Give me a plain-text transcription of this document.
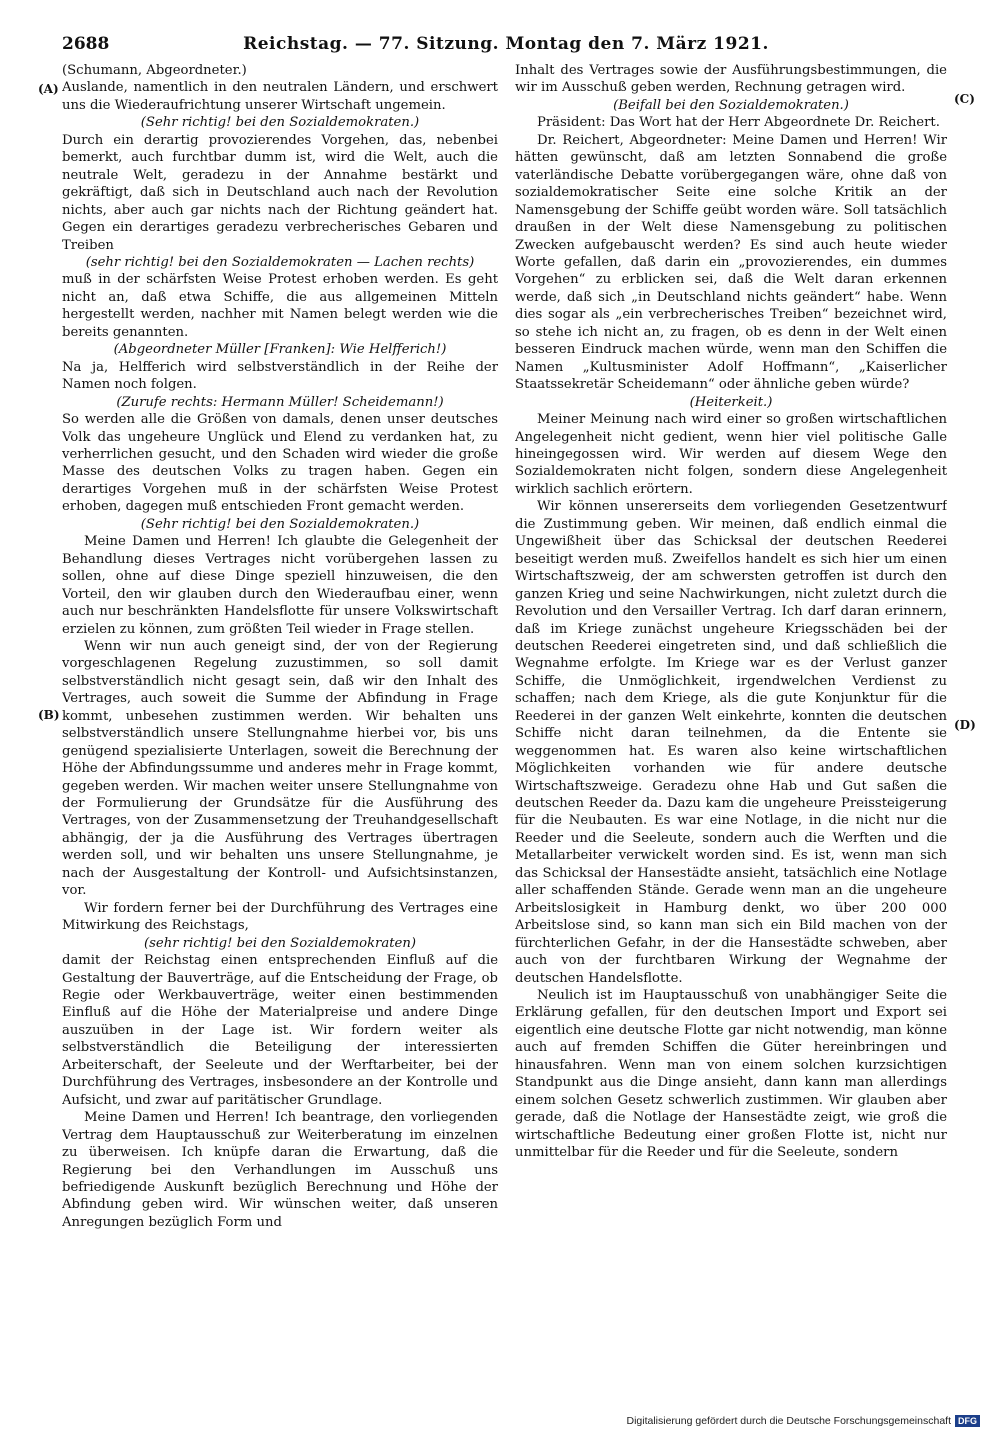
2688	Reichstag. — 77. Sitzung. Montag den 7. März 1921.
(A)
(B)
(C)
(D)

(Schumann, Abgeordneter.)

Auslande, namentlich in den neutralen Ländern, und erschwert uns die Wiederaufrichtung unserer Wirtschaft ungemein.

(Sehr richtig! bei den Sozialdemokraten.)

Durch ein derartig provozierendes Vorgehen, das, nebenbei bemerkt, auch furchtbar dumm ist, wird die Welt, auch die neutrale Welt, geradezu in der Annahme bestärkt und gekräftigt, daß sich in Deutschland auch nach der Revolution nichts, aber auch gar nichts nach der Richtung geändert hat. Gegen ein derartiges geradezu verbrecherisches Gebaren und Treiben

(sehr richtig! bei den Sozialdemokraten — Lachen rechts)

muß in der schärfsten Weise Protest erhoben werden. Es geht nicht an, daß etwa Schiffe, die aus allgemeinen Mitteln hergestellt werden, nachher mit Namen belegt werden wie die bereits genannten.

(Abgeordneter Müller [Franken]: Wie Helfferich!)

Na ja, Helfferich wird selbstverständlich in der Reihe der Namen noch folgen.

(Zurufe rechts: Hermann Müller! Scheidemann!)

So werden alle die Größen von damals, denen unser deutsches Volk das ungeheure Unglück und Elend zu verdanken hat, zu verherrlichen gesucht, und den Schaden wird wieder die große Masse des deutschen Volks zu tragen haben. Gegen ein derartiges Vorgehen muß in der schärfsten Weise Protest erhoben, dagegen muß entschieden Front gemacht werden.

(Sehr richtig! bei den Sozialdemokraten.)

Meine Damen und Herren! Ich glaubte die Gelegenheit der Behandlung dieses Vertrages nicht vorübergehen lassen zu sollen, ohne auf diese Dinge speziell hinzuweisen, die den Vorteil, den wir glauben durch den Wiederaufbau einer, wenn auch nur beschränkten Handelsflotte für unsere Volkswirtschaft erzielen zu können, zum größten Teil wieder in Frage stellen.

Wenn wir nun auch geneigt sind, der von der Regierung vorgeschlagenen Regelung zuzustimmen, so soll damit selbstverständlich nicht gesagt sein, daß wir den Inhalt des Vertrages, auch soweit die Summe der Abfindung in Frage kommt, unbesehen zustimmen werden. Wir behalten uns selbstverständlich unsere Stellungnahme hierbei vor, bis uns genügend spezialisierte Unterlagen, soweit die Berechnung der Höhe der Abfindungssumme und anderes mehr in Frage kommt, gegeben werden. Wir machen weiter unsere Stellungnahme von der Formulierung der Grundsätze für die Ausführung des Vertrages, von der Zusammensetzung der Treuhandgesellschaft abhängig, der ja die Ausführung des Vertrages übertragen werden soll, und wir behalten uns unsere Stellungnahme, je nach der Ausgestaltung der Kontroll- und Aufsichtsinstanzen, vor.

Wir fordern ferner bei der Durchführung des Vertrages eine Mitwirkung des Reichstags,

(sehr richtig! bei den Sozialdemokraten)

damit der Reichstag einen entsprechenden Einfluß auf die Gestaltung der Bauverträge, auf die Entscheidung der Frage, ob Regie oder Werkbauverträge, weiter einen bestimmenden Einfluß auf die Höhe der Materialpreise und andere Dinge auszuüben in der Lage ist. Wir fordern weiter als selbstverständlich die Beteiligung der interessierten Arbeiterschaft, der Seeleute und der Werftarbeiter, bei der Durchführung des Vertrages, insbesondere an der Kontrolle und Aufsicht, und zwar auf paritätischer Grundlage.

Meine Damen und Herren! Ich beantrage, den vorliegenden Vertrag dem Hauptausschuß zur Weiterberatung im einzelnen zu überweisen. Ich knüpfe daran die Erwartung, daß die Regierung bei den Verhandlungen im Ausschuß uns befriedigende Auskunft bezüglich Berechnung und Höhe der Abfindung geben wird. Wir wünschen weiter, daß unseren Anregungen bezüglich Form und

Inhalt des Vertrages sowie der Ausführungsbestimmungen, die wir im Ausschuß geben werden, Rechnung getragen wird.

(Beifall bei den Sozialdemokraten.)

Präsident: Das Wort hat der Herr Abgeordnete Dr. Reichert.

Dr. Reichert, Abgeordneter: Meine Damen und Herren! Wir hätten gewünscht, daß am letzten Sonnabend die große vaterländische Debatte vorübergegangen wäre, ohne daß von sozialdemokratischer Seite eine solche Kritik an der Namensgebung der Schiffe geübt worden wäre. Soll tatsächlich draußen in der Welt diese Namensgebung zu politischen Zwecken aufgebauscht werden? Es sind auch heute wieder Worte gefallen, daß darin ein „provozierendes, ein dummes Vorgehen“ zu erblicken sei, daß die Welt daran erkennen werde, daß sich „in Deutschland nichts geändert“ habe. Wenn dies sogar als „ein verbrecherisches Treiben“ bezeichnet wird, so stehe ich nicht an, zu fragen, ob es denn in der Welt einen besseren Eindruck machen würde, wenn man den Schiffen die Namen „Kultusminister Adolf Hoffmann“, „Kaiserlicher Staatssekretär Scheidemann“ oder ähnliche geben würde?

(Heiterkeit.)

Meiner Meinung nach wird einer so großen wirtschaftlichen Angelegenheit nicht gedient, wenn hier viel politische Galle hineingegossen wird. Wir werden auf diesem Wege den Sozialdemokraten nicht folgen, sondern diese Angelegenheit wirklich sachlich erörtern.

Wir können unsererseits dem vorliegenden Gesetzentwurf die Zustimmung geben. Wir meinen, daß endlich einmal die Ungewißheit über das Schicksal der deutschen Reederei beseitigt werden muß. Zweifellos handelt es sich hier um einen Wirtschaftszweig, der am schwersten getroffen ist durch den ganzen Krieg und seine Nachwirkungen, nicht zuletzt durch die Revolution und den Versailler Vertrag. Ich darf daran erinnern, daß im Kriege zunächst ungeheure Kriegsschäden bei der deutschen Reederei eingetreten sind, und daß schließlich die Wegnahme erfolgte. Im Kriege war es der Verlust ganzer Schiffe, die Unmöglichkeit, irgendwelchen Verdienst zu schaffen; nach dem Kriege, als die gute Konjunktur für die Reederei in der ganzen Welt einkehrte, konnten die deutschen Schiffe nicht daran teilnehmen, da die Entente sie weggenommen hat. Es waren also keine wirtschaftlichen Möglichkeiten vorhanden wie für andere deutsche Wirtschaftszweige. Geradezu ohne Hab und Gut saßen die deutschen Reeder da. Dazu kam die ungeheure Preissteigerung für die Neubauten. Es war eine Notlage, in die nicht nur die Reeder und die Seeleute, sondern auch die Werften und die Metallarbeiter verwickelt worden sind. Es ist, wenn man sich das Schicksal der Hansestädte ansieht, tatsächlich eine Notlage aller schaffenden Stände. Gerade wenn man an die ungeheure Arbeitslosigkeit in Hamburg denkt, wo über 200 000 Arbeitslose sind, so kann man sich ein Bild machen von der fürchterlichen Gefahr, in der die Hansestädte schweben, aber auch von der furchtbaren Wirkung der Wegnahme der deutschen Handelsflotte.

Neulich ist im Hauptausschuß von unabhängiger Seite die Erklärung gefallen, für den deutschen Import und Export sei eigentlich eine deutsche Flotte gar nicht notwendig, man könne auch auf fremden Schiffen die Güter hereinbringen und hinausfahren. Wenn man von einem solchen kurzsichtigen Standpunkt aus die Dinge ansieht, dann kann man allerdings einem solchen Gesetz schwerlich zustimmen. Wir glauben aber gerade, daß die Notlage der Hansestädte zeigt, wie groß die wirtschaftliche Bedeutung einer großen Flotte ist, nicht nur unmittelbar für die Reeder und für die Seeleute, sondern

Digitalisierung gefördert durch die Deutsche Forschungsgemeinschaft DFG
